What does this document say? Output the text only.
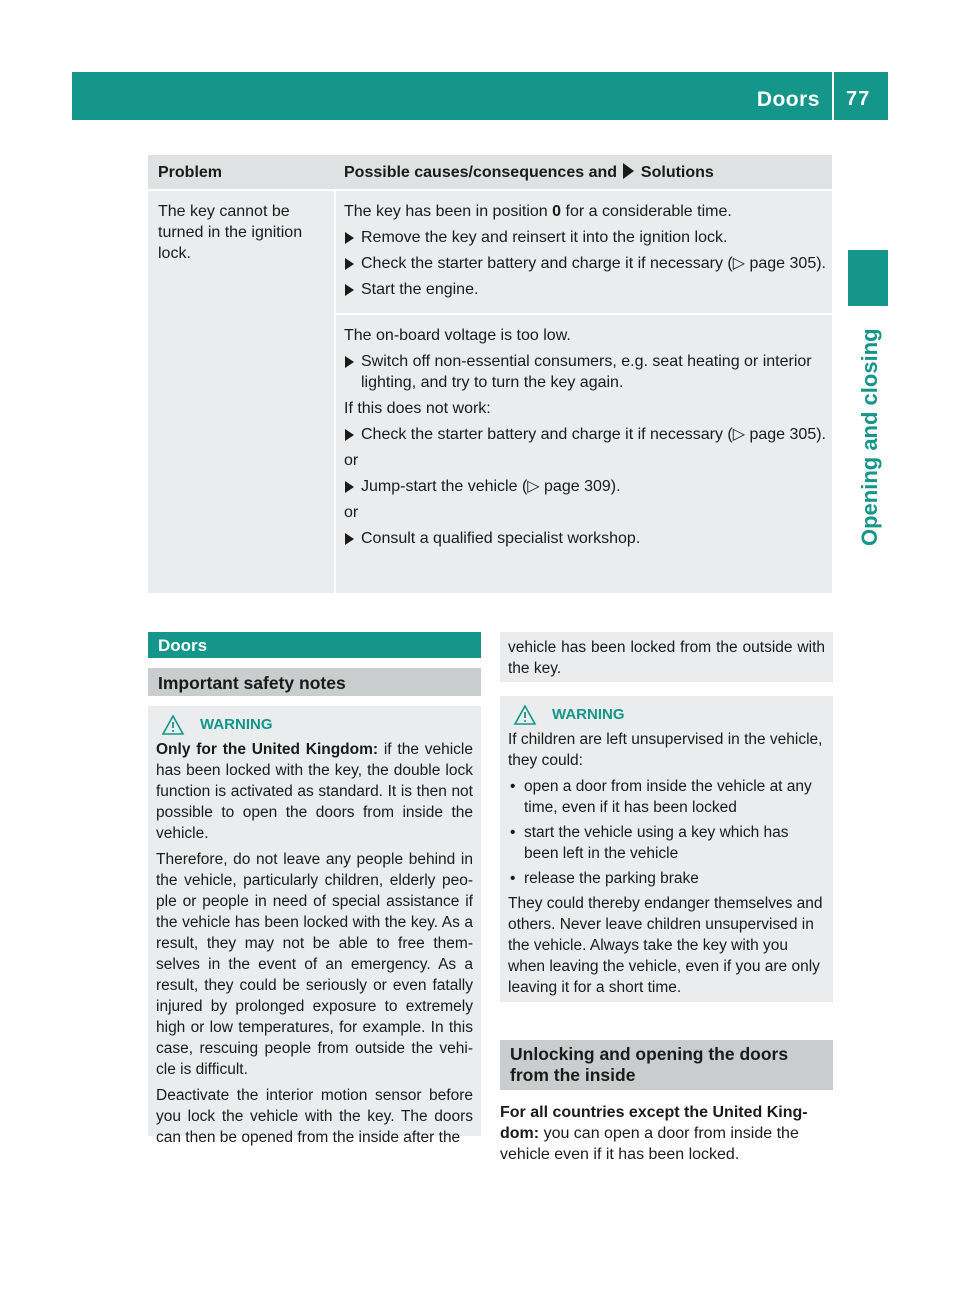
Doors 77
Opening and closing
Problem	Possible causes/consequences and Solutions
The key cannot be turned in the ignition lock.

The key has been in position 0 for a considerable time.

Remove the key and reinsert it into the ignition lock.

Check the starter battery and charge it if necessary (▷ page 305).

Start the engine.

The on-board voltage is too low.

Switch off non-essential consumers, e.g. seat heating or interior lighting, and try to turn the key again.

If this does not work:

Check the starter battery and charge it if necessary (▷ page 305).

or

Jump-start the vehicle (▷ page 309).

or

Consult a qualified specialist workshop.

Doors
Important safety notes
WARNING

Only for the United Kingdom: if the vehicle has been locked with the key, the double lock function is activated as standard. It is then not possible to open the doors from inside the vehicle.

Therefore, do not leave any people behind in the vehicle, particularly children, elderly peo- ple or people in need of special assistance if the vehicle has been locked with the key. As a result, they may not be able to free them- selves in the event of an emergency. As a result, they could be seriously or even fatally injured by prolonged exposure to extremely high or low temperatures, for example. In this case, rescuing people from outside the vehi- cle is difficult.

Deactivate the interior motion sensor before you lock the vehicle with the key. The doors can then be opened from the inside after the

vehicle has been locked from the outside with the key.

WARNING

If children are left unsupervised in the vehicle, they could:

• open a door from inside the vehicle at any time, even if it has been locked

• start the vehicle using a key which has been left in the vehicle

• release the parking brake

They could thereby endanger themselves and others. Never leave children unsupervised in the vehicle. Always take the key with you when leaving the vehicle, even if you are only leaving it for a short time.

Unlocking and opening the doors from the inside

For all countries except the United King- dom: you can open a door from inside the vehicle even if it has been locked.
